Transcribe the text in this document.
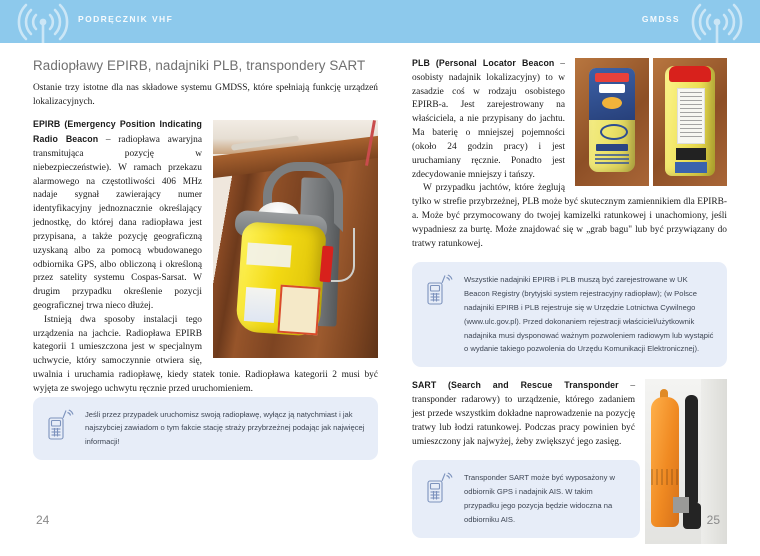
PODRĘCZNIK VHF	GMDSS
Radiopławy EPIRB, nadajniki PLB, transpondery SART

Ostanie trzy istotne dla nas składowe systemu GMDSS, które spełniają funkcję urządzeń lokalizacyjnych.

EPIRB (Emergency Position Indicating Radio Beacon – radiopława awaryjna transmitująca pozycję w niebezpieczeństwie). W ramach przekazu alarmowego na częstotliwości 406 MHz nadaje sygnał zawierający numer identyfikacyjny jednoznacznie określający jednostkę, do której dana radiopława jest przypisana, a także pozycję geograficzną uzyskaną albo za pomocą wbudowanego odbiornika GPS, albo obliczoną i określoną przez satelity systemu Cospas-Sarsat. W drugim przypadku określenie pozycji geograficznej trwa nieco dłużej.

Istnieją dwa sposoby instalacji tego urządzenia na jachcie. Radiopława EPIRB kategorii 1 umieszczona jest w specjalnym uchwycie, który samoczynnie otwiera się, uwalnia i uruchamia radiopławę, kiedy statek tonie. Radiopława kategorii 2 musi być wyjęta ze swojego uchwytu ręcznie przed uruchomieniem.

Jeśli przez przypadek uruchomisz swoją radiopławę, wyłącz ją natychmiast i jak najszybciej zawiadom o tym fakcie stację straży przybrzeżnej podając jak najwięcej informacji!

PLB (Personal Locator Beacon – osobisty nadajnik lokalizacyjny) to w zasadzie coś w rodzaju osobistego EPIRB-a. Jest zarejestrowany na właściciela, a nie przypisany do jachtu. Ma baterię o mniejszej pojemności (około 24 godzin pracy) i jest uruchamiany ręcznie. Ponadto jest zdecydowanie mniejszy i tańszy.

W przypadku jachtów, które żeglują tylko w strefie przybrzeżnej, PLB może być skutecznym zamiennikiem dla EPIRB-a. Może być przymocowany do twojej kamizelki ratunkowej i unachomiony, jeśli wypadniesz za burtę. Może znajdować się w „grab bagu" lub być przywiązany do tratwy ratunkowej.

Wszystkie nadajniki EPIRB i PLB muszą być zarejestrowane w UK Beacon Registry (brytyjski system rejestracyjny radiopław); (w Polsce nadajniki EPIRB i PLB rejestruje się w Urzędzie Lotnictwa Cywilnego (www.ulc.gov.pl). Przed dokonaniem rejestracji właściciel/użytkownik nadajnika musi dysponować ważnym pozwoleniem radiowym lub wystąpić o wydanie takiego pozwolenia do Urzędu Komunikacji Elektronicznej).

SART (Search and Rescue Transponder – transponder radarowy) to urządzenie, którego zadaniem jest przede wszystkim dokładne naprowadzenie na pozycję tratwy lub łodzi ratunkowej. Podczas pracy powinien być umieszczony jak najwyżej, żeby zwiększyć jego zasięg.

Transponder SART może być wyposażony w odbiornik GPS i nadajnik AIS. W takim przypadku jego pozycja będzie widoczna na odbiorniku AIS.

24	25
